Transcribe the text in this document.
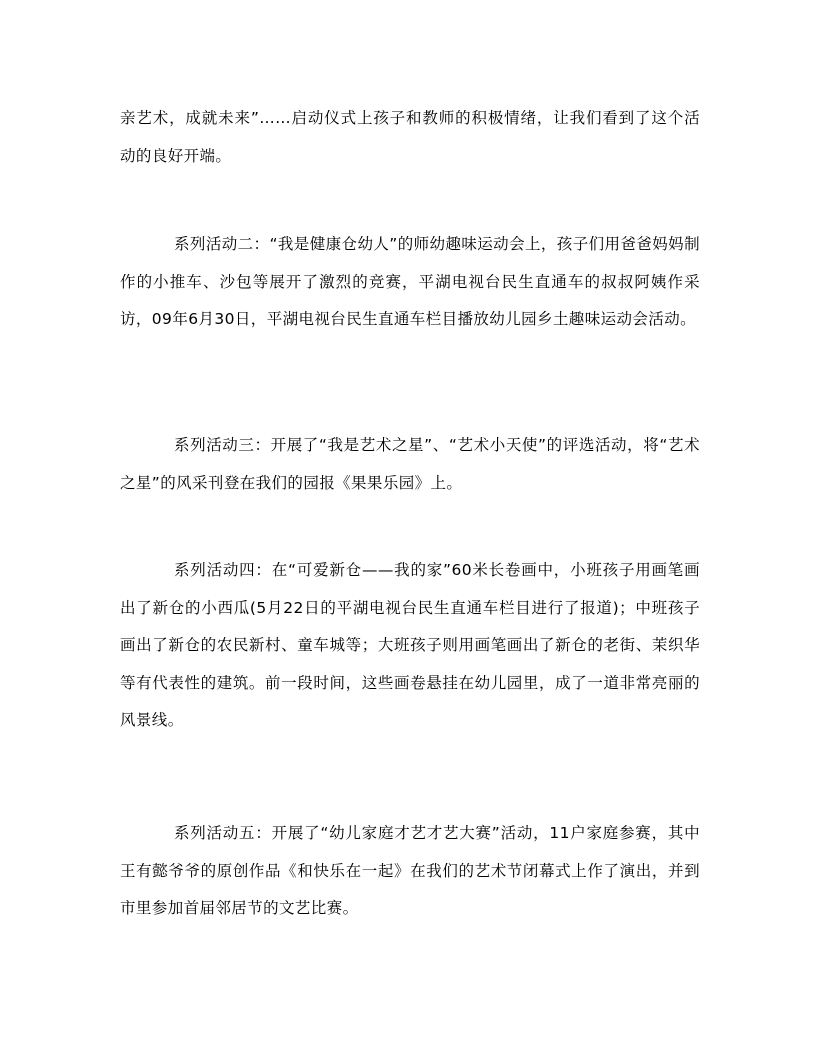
亲艺术，成就未来”……启动仪式上孩子和教师的积极情绪，让我们看到了这个活动的良好开端。

系列活动二：“我是健康仓幼人”的师幼趣味运动会上，孩子们用爸爸妈妈制作的小推车、沙包等展开了激烈的竞赛，平湖电视台民生直通车的叔叔阿姨作采访，09年6月30日，平湖电视台民生直通车栏目播放幼儿园乡土趣味运动会活动。

系列活动三：开展了“我是艺术之星”、“艺术小天使”的评选活动，将“艺术之星”的风采刊登在我们的园报《果果乐园》上。

系列活动四：在“可爱新仓——我的家”60米长卷画中，小班孩子用画笔画出了新仓的小西瓜(5月22日的平湖电视台民生直通车栏目进行了报道)；中班孩子画出了新仓的农民新村、童车城等；大班孩子则用画笔画出了新仓的老街、茉织华等有代表性的建筑。前一段时间，这些画卷悬挂在幼儿园里，成了一道非常亮丽的风景线。

系列活动五：开展了“幼儿家庭才艺才艺大赛”活动，11户家庭参赛，其中王有懿爷爷的原创作品《和快乐在一起》在我们的艺术节闭幕式上作了演出，并到市里参加首届邻居节的文艺比赛。
